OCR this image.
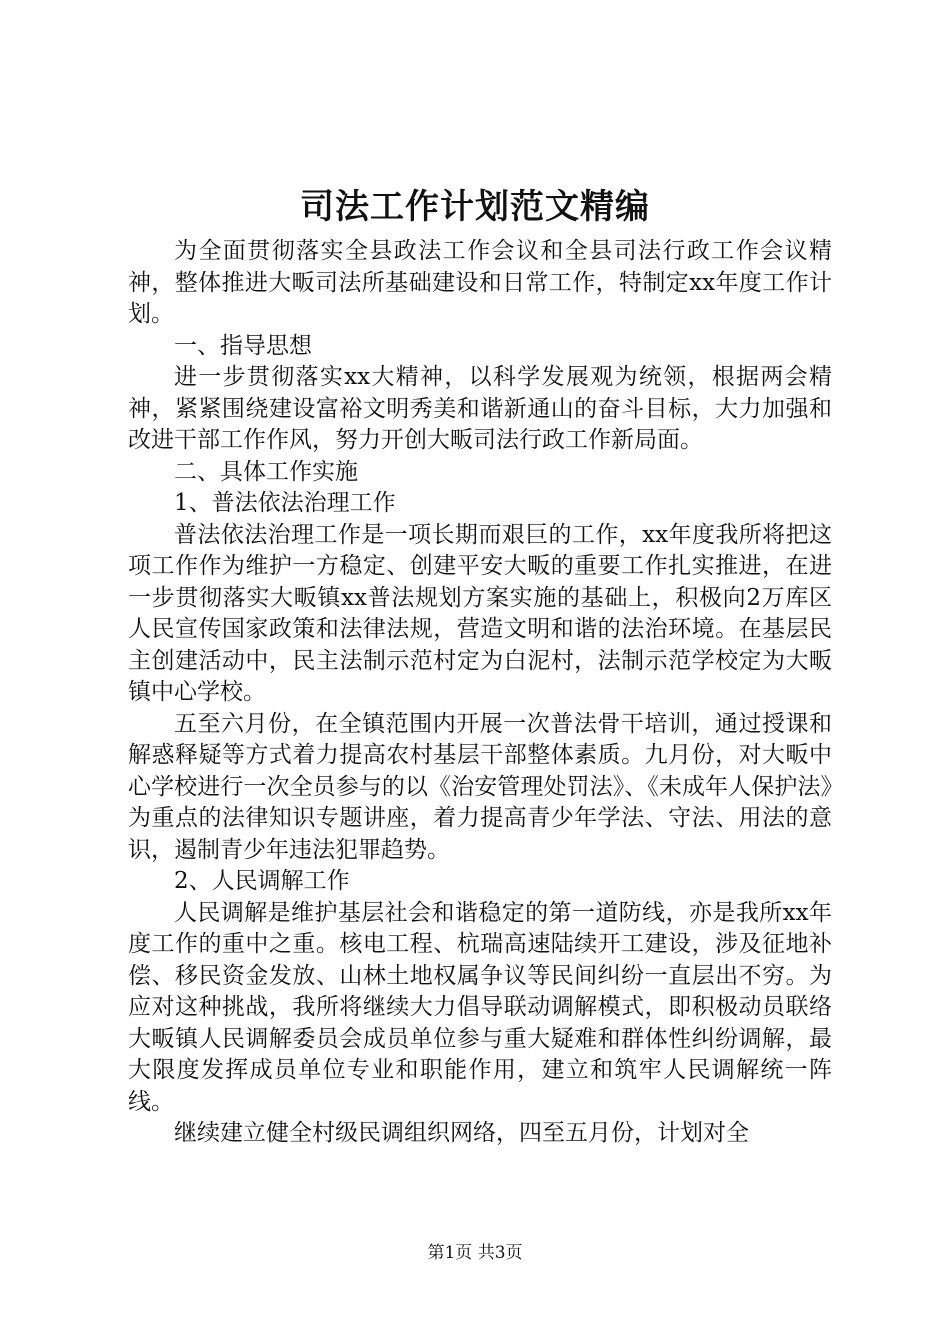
司法工作计划范文精编

为全面贯彻落实全县政法工作会议和全县司法行政工作会议精神，整体推进大畈司法所基础建设和日常工作，特制定xx年度工作计划。

一、指导思想

进一步贯彻落实xx大精神，以科学发展观为统领，根据两会精神，紧紧围绕建设富裕文明秀美和谐新通山的奋斗目标，大力加强和改进干部工作作风，努力开创大畈司法行政工作新局面。

二、具体工作实施

1、普法依法治理工作

普法依法治理工作是一项长期而艰巨的工作，xx年度我所将把这项工作作为维护一方稳定、创建平安大畈的重要工作扎实推进，在进一步贯彻落实大畈镇xx普法规划方案实施的基础上，积极向2万库区人民宣传国家政策和法律法规，营造文明和谐的法治环境。在基层民主创建活动中，民主法制示范村定为白泥村，法制示范学校定为大畈镇中心学校。

五至六月份，在全镇范围内开展一次普法骨干培训，通过授课和解惑释疑等方式着力提高农村基层干部整体素质。九月份，对大畈中心学校进行一次全员参与的以《治安管理处罚法》、《未成年人保护法》为重点的法律知识专题讲座，着力提高青少年学法、守法、用法的意识，遏制青少年违法犯罪趋势。

2、人民调解工作

人民调解是维护基层社会和谐稳定的第一道防线，亦是我所xx年度工作的重中之重。核电工程、杭瑞高速陆续开工建设，涉及征地补偿、移民资金发放、山林土地权属争议等民间纠纷一直层出不穷。为应对这种挑战，我所将继续大力倡导联动调解模式，即积极动员联络大畈镇人民调解委员会成员单位参与重大疑难和群体性纠纷调解，最大限度发挥成员单位专业和职能作用，建立和筑牢人民调解统一阵线。

继续建立健全村级民调组织网络，四至五月份，计划对全

第1页 共3页
